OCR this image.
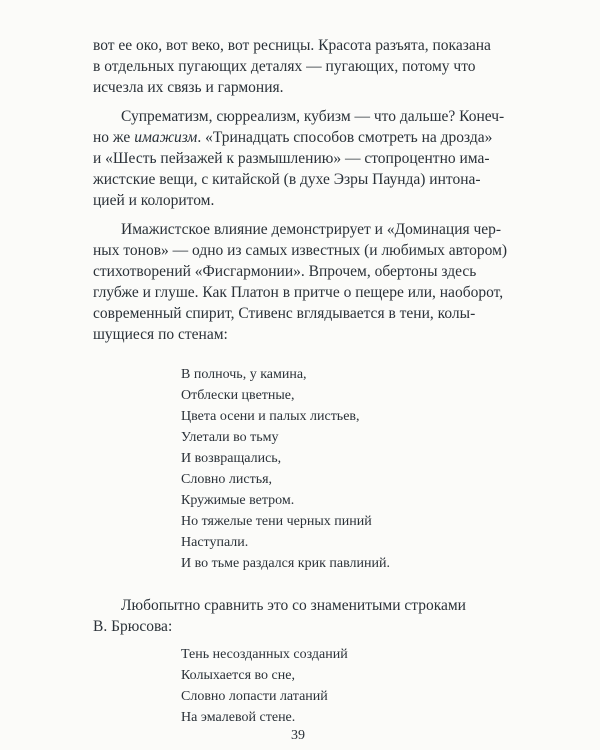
вот ее око, вот веко, вот ресницы. Красота разъята, показана
в отдельных пугающих деталях — пугающих, потому что
исчезла их связь и гармония.
Супрематизм, сюрреализм, кубизм — что дальше? Конеч-
но же имажизм. «Тринадцать способов смотреть на дрозда»
и «Шесть пейзажей к размышлению» — стопроцентно има-
жистские вещи, с китайской (в духе Эзры Паунда) интона-
цией и колоритом.
Имажистское влияние демонстрирует и «Доминация чер-
ных тонов» — одно из самых известных (и любимых автором)
стихотворений «Фисгармонии». Впрочем, обертоны здесь
глубже и глуше. Как Платон в притче о пещере или, наоборот,
современный спирит, Стивенс вглядывается в тени, колы-
шущиеся по стенам:
В полночь, у камина,
Отблески цветные,
Цвета осени и палых листьев,
Улетали во тьму
И возвращались,
Словно листья,
Кружимые ветром.
Но тяжелые тени черных пиний
Наступали.
И во тьме раздался крик павлиний.
Любопытно сравнить это со знаменитыми строками
В. Брюсова:
Тень несозданных созданий
Колыхается во сне,
Словно лопасти латаний
На эмалевой стене.
39
